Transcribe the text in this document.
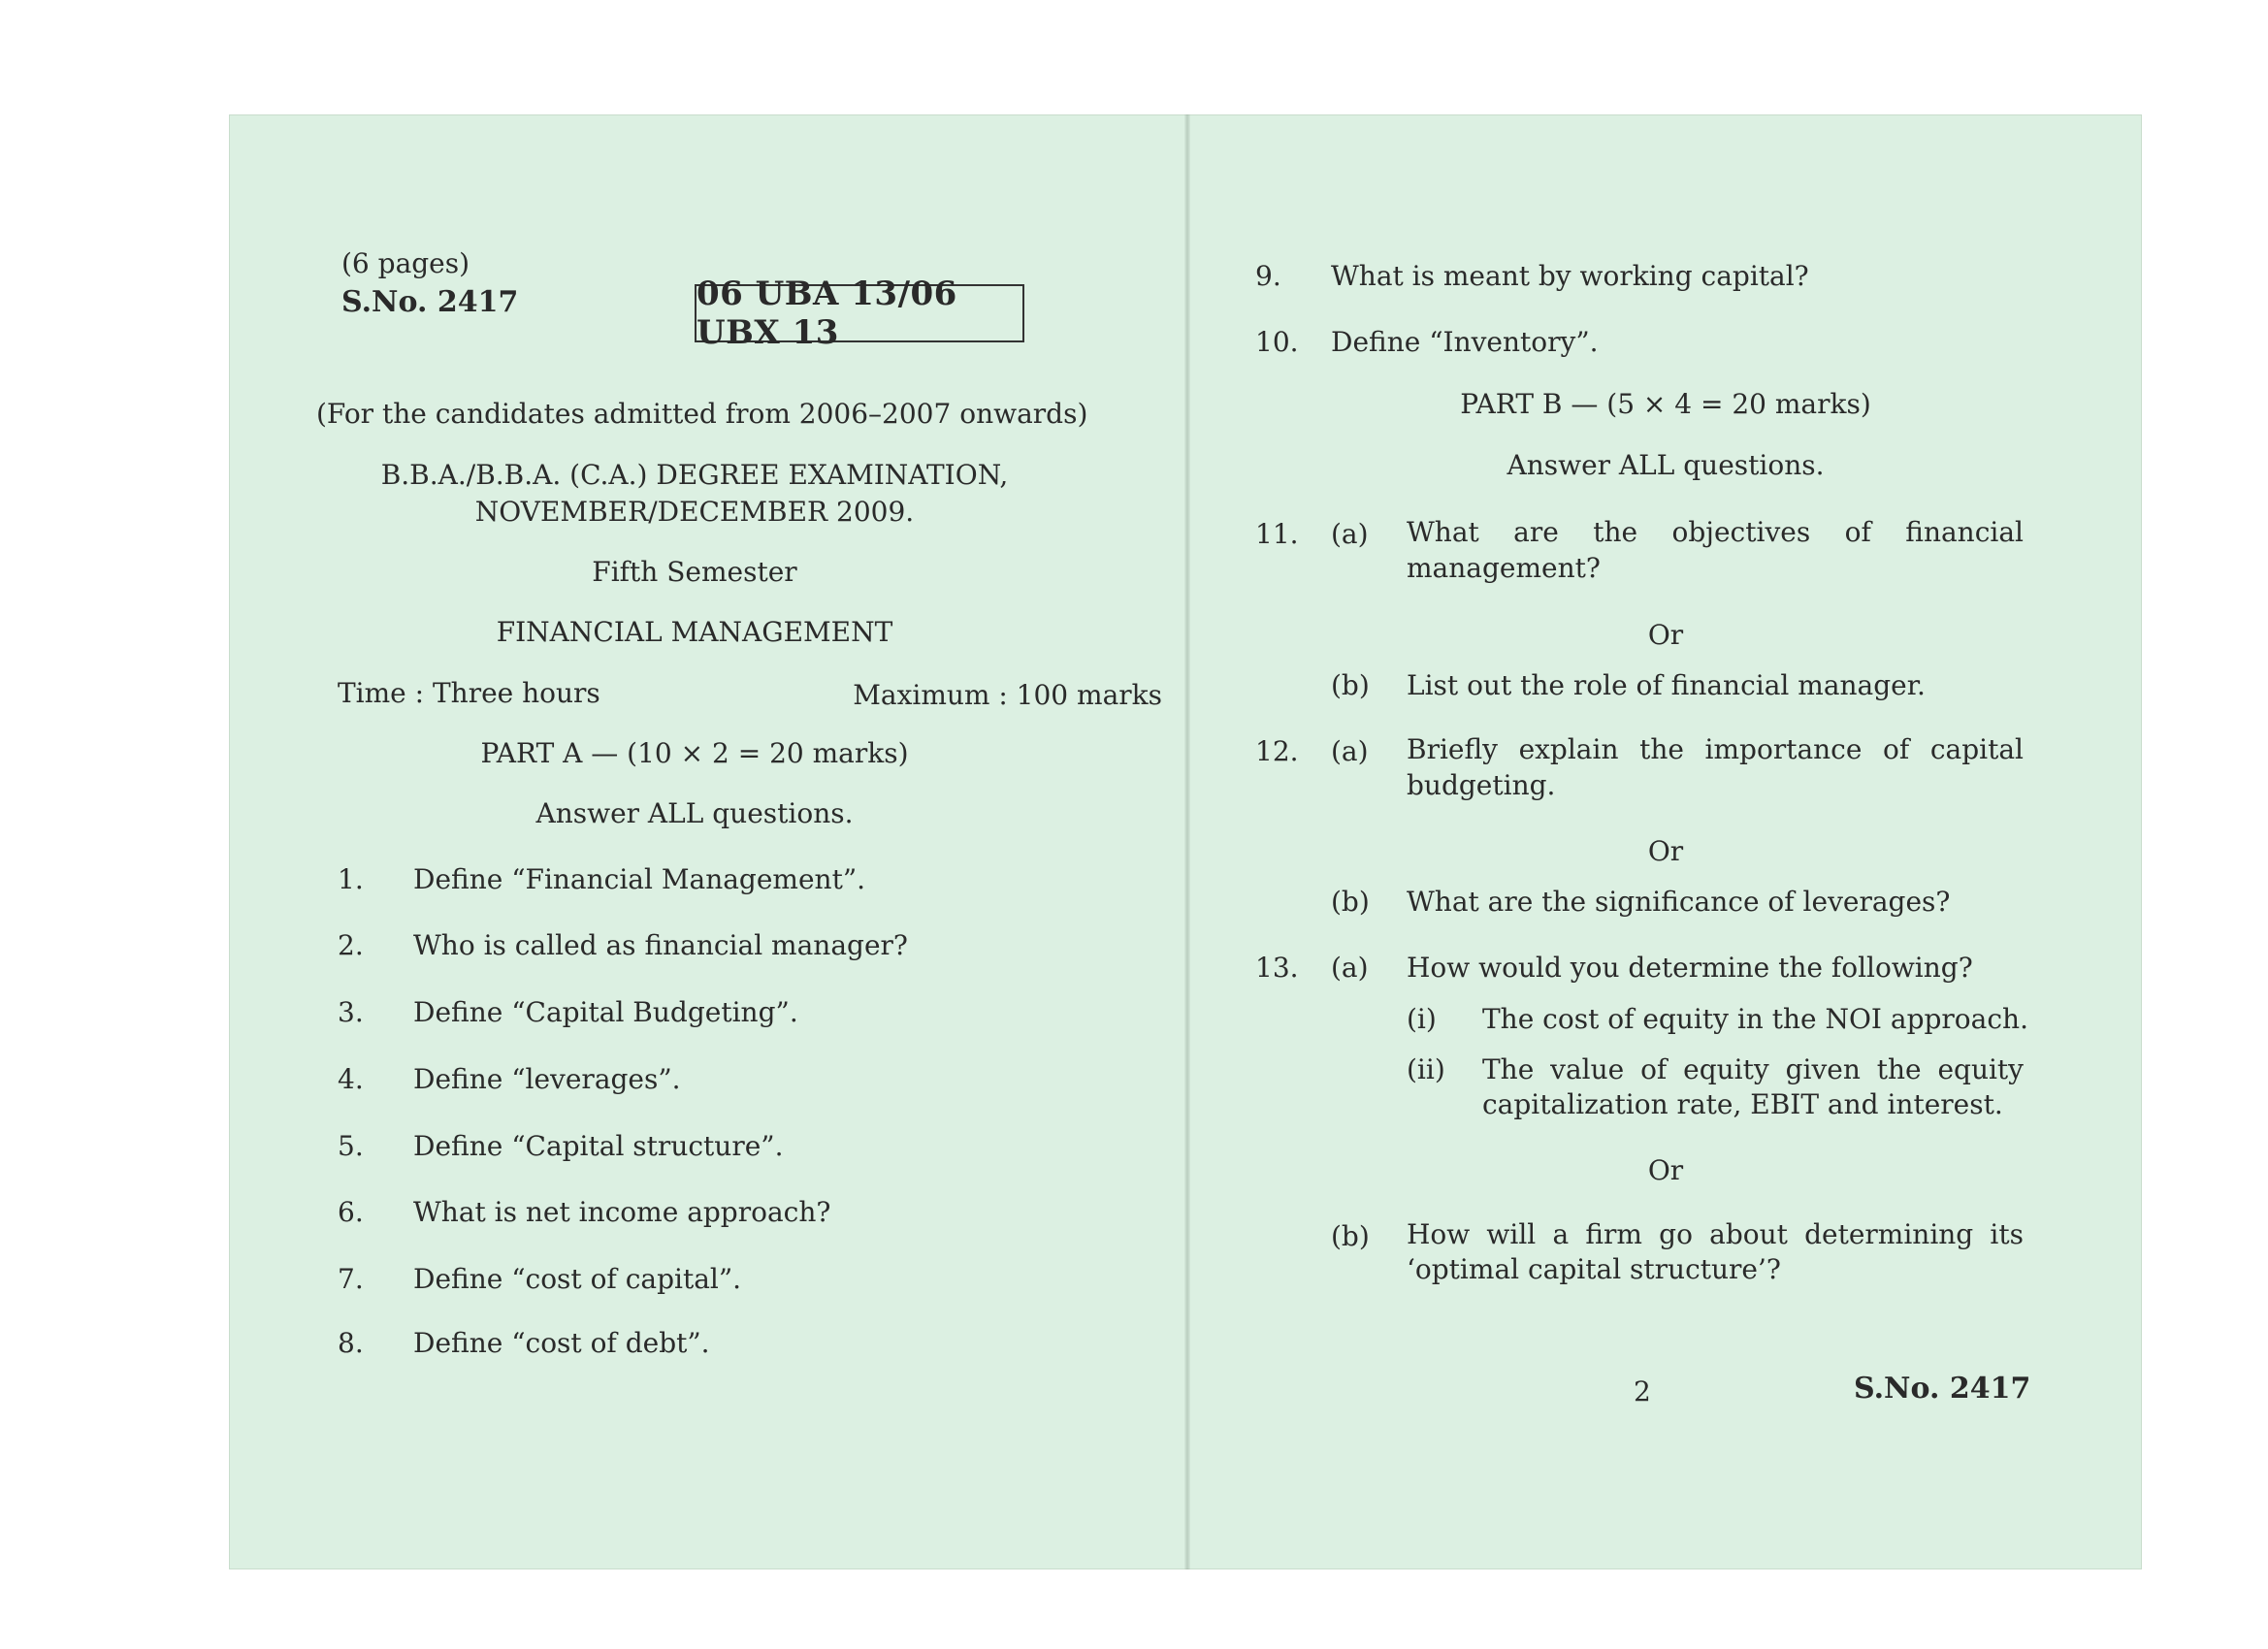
(6 pages)
S.No. 2417	06 UBA 13/06 UBX 13
(For the candidates admitted from 2006–2007 onwards)
B.B.A./B.B.A. (C.A.) DEGREE EXAMINATION,
NOVEMBER/DECEMBER 2009.
Fifth Semester
FINANCIAL MANAGEMENT
Time : Three hours	Maximum : 100 marks
PART A — (10 × 2 = 20 marks)
Answer ALL questions.
1. Define “Financial Management”.
2. Who is called as financial manager?
3. Define “Capital Budgeting”.
4. Define “leverages”.
5. Define “Capital structure”.
6. What is net income approach?
7. Define “cost of capital”.
8. Define “cost of debt”.
9. What is meant by working capital?
10. Define “Inventory”.
PART B — (5 × 4 = 20 marks)
Answer ALL questions.
11. (a) What are the objectives of financial
management?
Or
(b) List out the role of financial manager.
12. (a) Briefly explain the importance of capital
budgeting.
Or
(b) What are the significance of leverages?
13. (a) How would you determine the following?
(i) The cost of equity in the NOI approach.
(ii) The value of equity given the equity
capitalization rate, EBIT and interest.
Or
(b) How will a firm go about determining its
‘optimal capital structure’?
2	S.No. 2417
